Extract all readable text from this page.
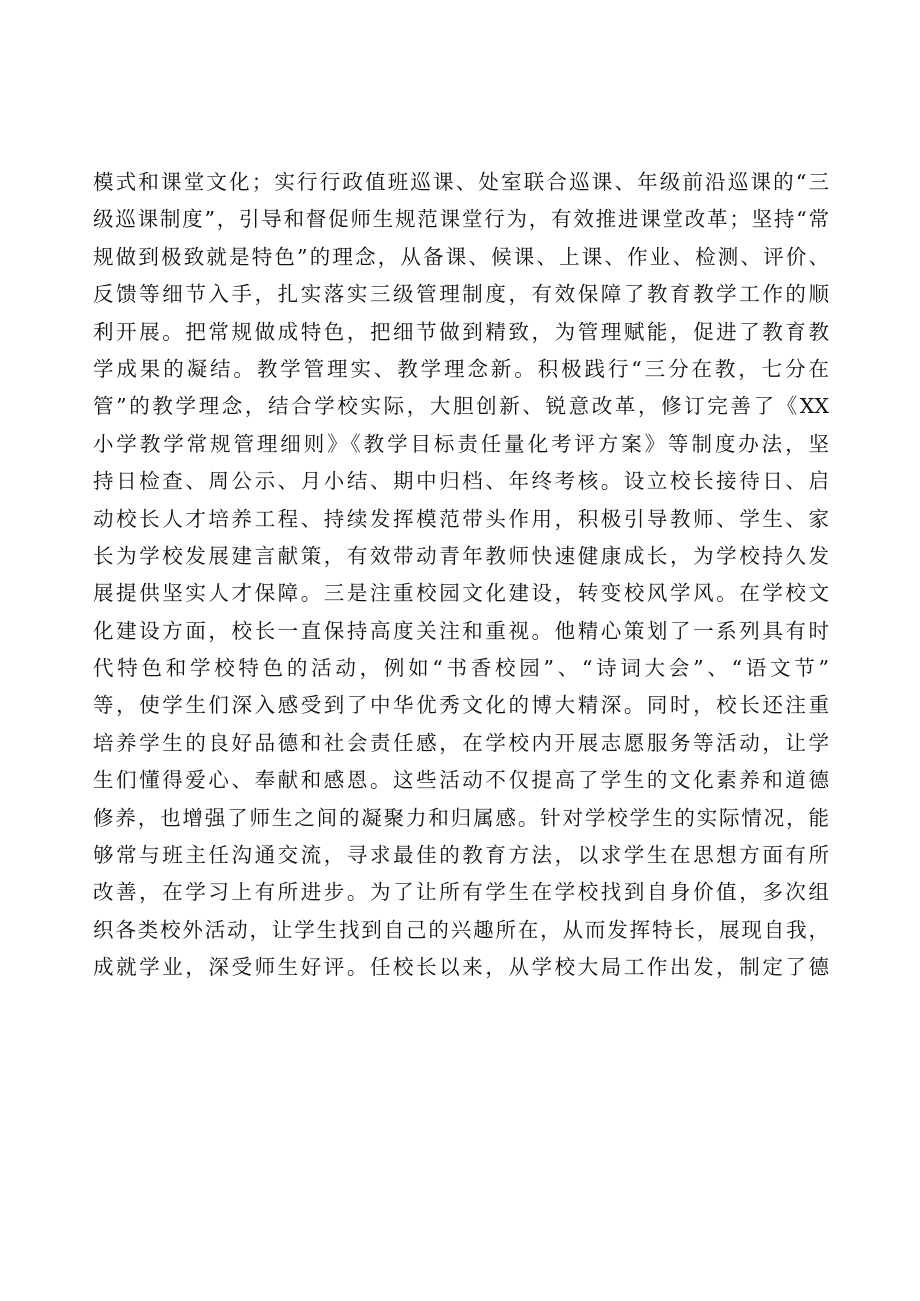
模式和课堂文化；实行行政值班巡课、处室联合巡课、年级前沿巡课的“三
级巡课制度”，引导和督促师生规范课堂行为，有效推进课堂改革；坚持“常
规做到极致就是特色”的理念，从备课、候课、上课、作业、检测、评价、
反馈等细节入手，扎实落实三级管理制度，有效保障了教育教学工作的顺
利开展。把常规做成特色，把细节做到精致，为管理赋能，促进了教育教
学成果的凝结。教学管理实、教学理念新。积极践行“三分在教，七分在
管”的教学理念，结合学校实际，大胆创新、锐意改革，修订完善了《XX
小学教学常规管理细则》《教学目标责任量化考评方案》等制度办法，坚
持日检查、周公示、月小结、期中归档、年终考核。设立校长接待日、启
动校长人才培养工程、持续发挥模范带头作用，积极引导教师、学生、家
长为学校发展建言献策，有效带动青年教师快速健康成长，为学校持久发
展提供坚实人才保障。三是注重校园文化建设，转变校风学风。在学校文
化建设方面，校长一直保持高度关注和重视。他精心策划了一系列具有时
代特色和学校特色的活动，例如“书香校园”、“诗词大会”、“语文节”
等，使学生们深入感受到了中华优秀文化的博大精深。同时，校长还注重
培养学生的良好品德和社会责任感，在学校内开展志愿服务等活动，让学
生们懂得爱心、奉献和感恩。这些活动不仅提高了学生的文化素养和道德
修养，也增强了师生之间的凝聚力和归属感。针对学校学生的实际情况，能
够常与班主任沟通交流，寻求最佳的教育方法，以求学生在思想方面有所
改善，在学习上有所进步。为了让所有学生在学校找到自身价值，多次组
织各类校外活动，让学生找到自己的兴趣所在，从而发挥特长，展现自我，
成就学业，深受师生好评。任校长以来，从学校大局工作出发，制定了德
